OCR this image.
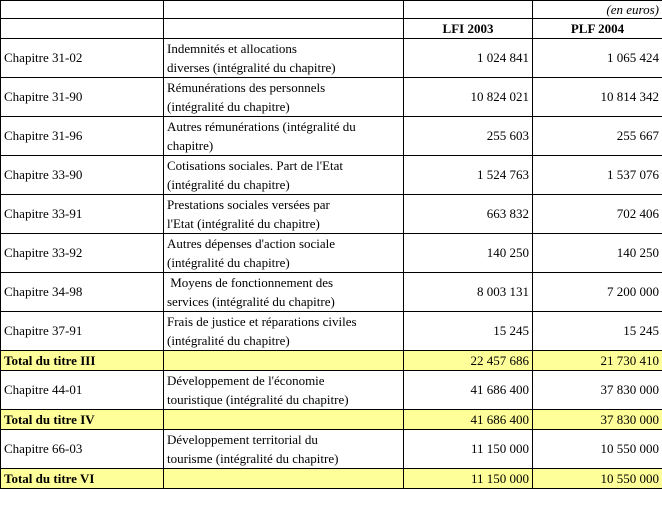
			(en euros)
		LFI 2003	PLF 2004
Chapitre 31-02	Indemnités et allocations
diverses (intégralité du chapitre)	1 024 841	1 065 424
Chapitre 31-90	Rémunérations des personnels
(intégralité du chapitre)	10 824 021	10 814 342
Chapitre 31-96	Autres rémunérations (intégralité du
chapitre)	255 603	255 667
Chapitre 33-90	Cotisations sociales. Part de l'Etat
(intégralité du chapitre)	1 524 763	1 537 076
Chapitre 33-91	Prestations sociales versées par
l'Etat (intégralité du chapitre)	663 832	702 406
Chapitre 33-92	Autres dépenses d'action sociale
(intégralité du chapitre)	140 250	140 250
Chapitre 34-98	Moyens de fonctionnement des
services (intégralité du chapitre)	8 003 131	7 200 000
Chapitre 37-91	Frais de justice et réparations civiles
(intégralité du chapitre)	15 245	15 245
Total du titre III		22 457 686	21 730 410
Chapitre 44-01	Développement de l'économie
touristique (intégralité du chapitre)	41 686 400	37 830 000
Total du titre IV		41 686 400	37 830 000
Chapitre 66-03	Développement territorial du
tourisme (intégralité du chapitre)	11 150 000	10 550 000
Total du titre VI		11 150 000	10 550 000
